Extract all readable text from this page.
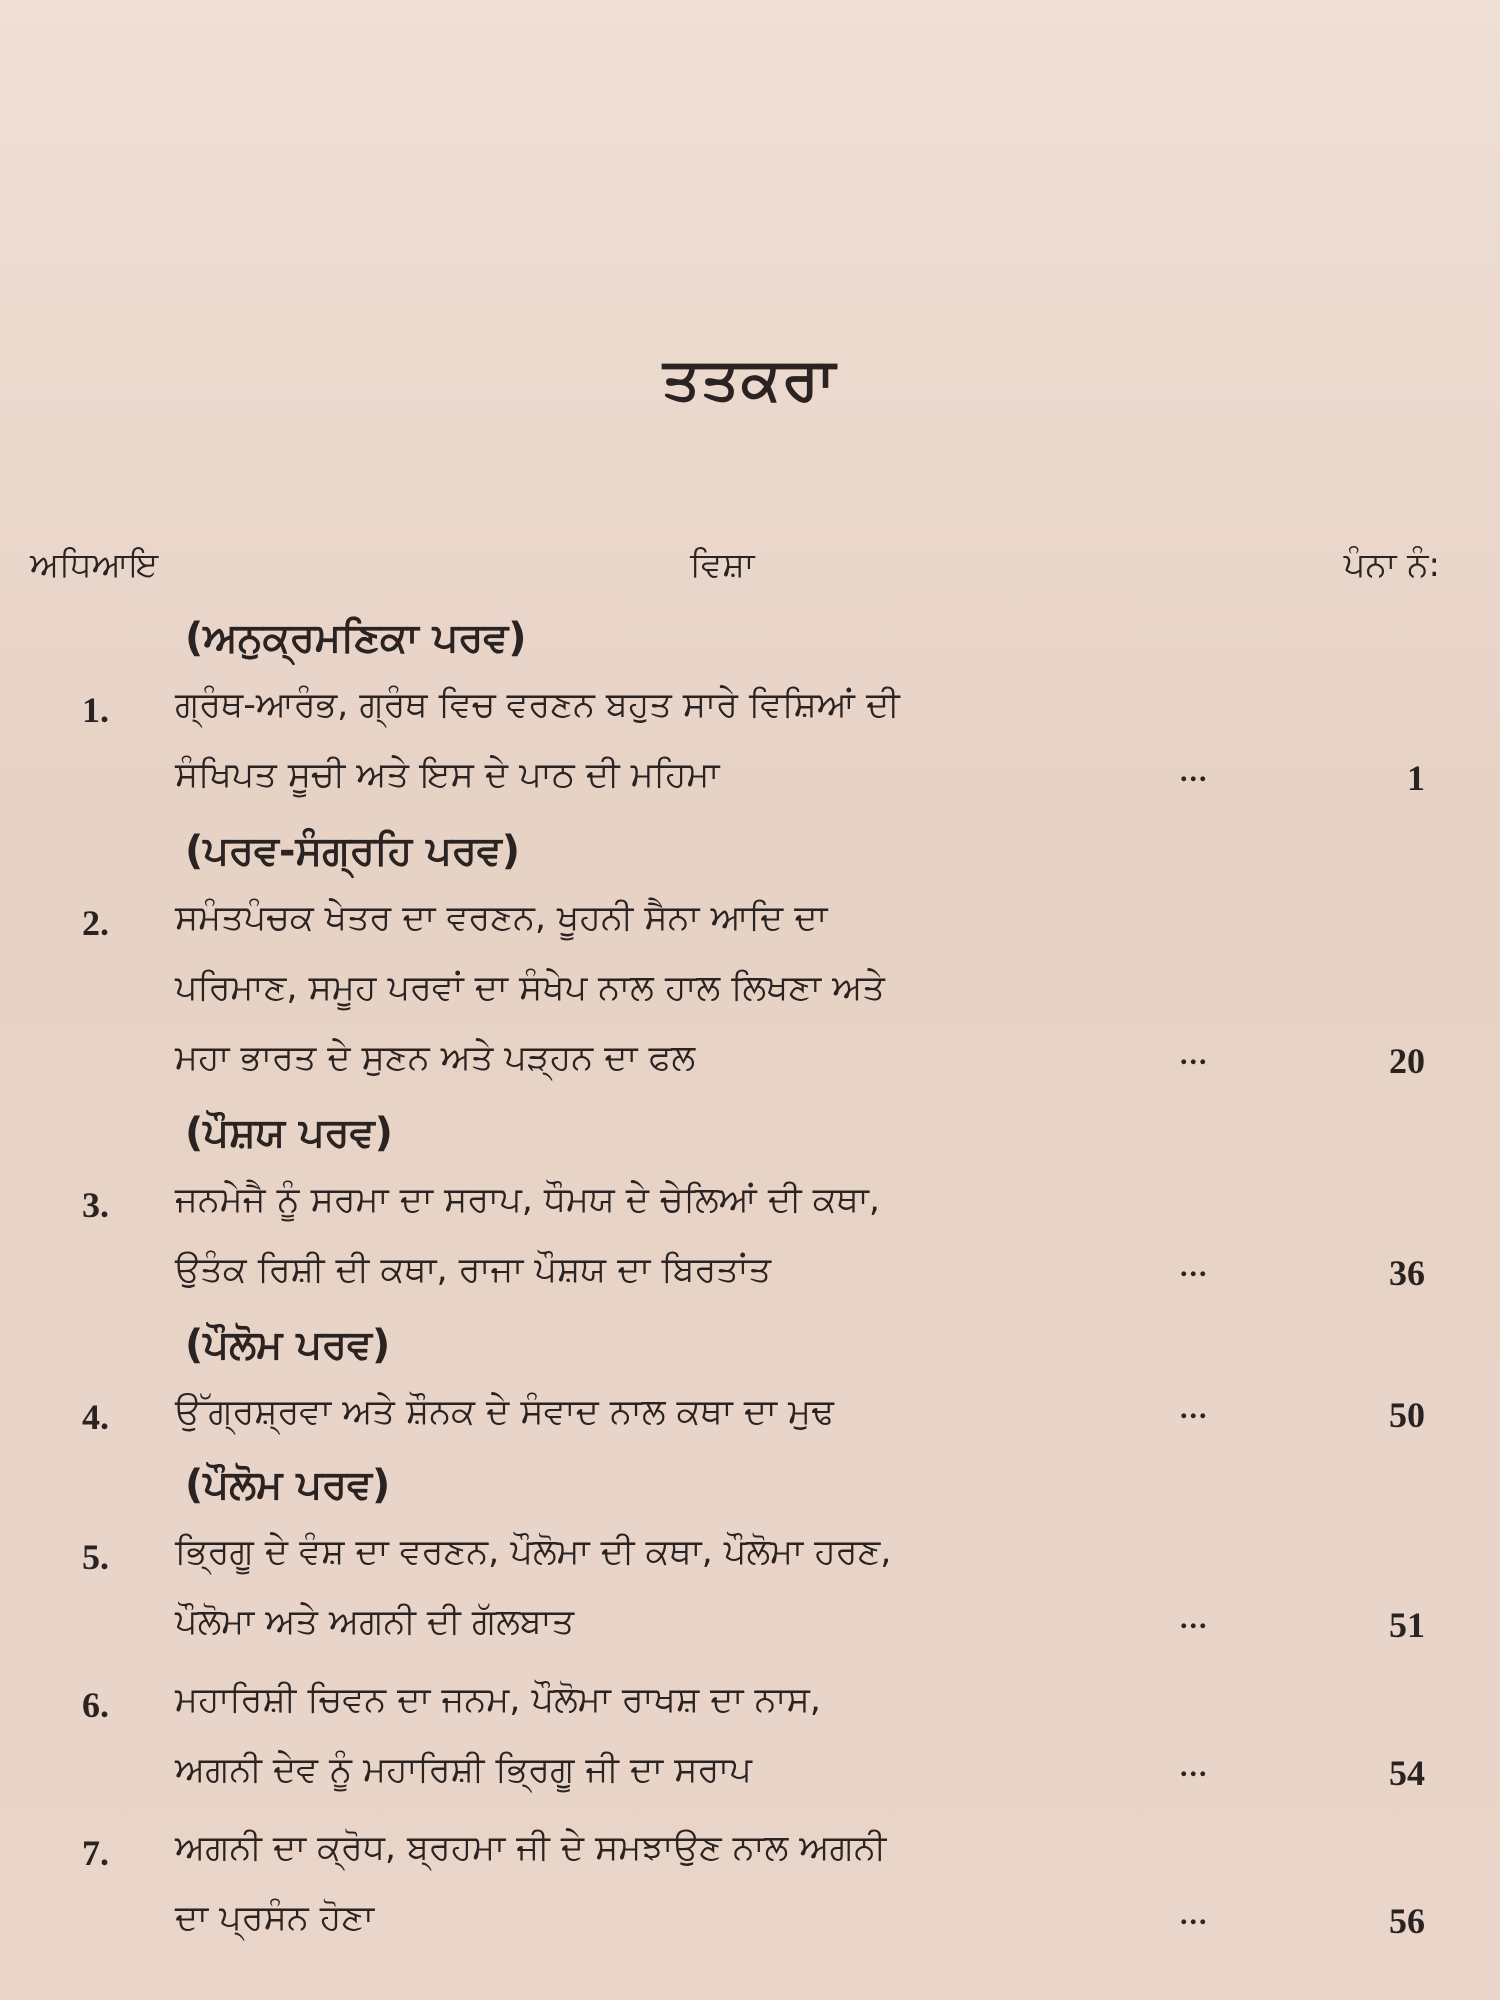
ਤਤਕਰਾ
ਅਧਿਆਇ	ਵਿਸ਼ਾ	ਪੰਨਾ ਨੰ:
(ਅਨੁਕ੍ਰਮਣਿਕਾ ਪਰਵ)
1. ਗ੍ਰੰਥ-ਆਰੰਭ, ਗ੍ਰੰਥ ਵਿਚ ਵਰਣਨ ਬਹੁਤ ਸਾਰੇ ਵਿਸ਼ਿਆਂ ਦੀ
ਸੰਖਿਪਤ ਸੂਚੀ ਅਤੇ ਇਸ ਦੇ ਪਾਠ ਦੀ ਮਹਿਮਾ	...	1
(ਪਰਵ-ਸੰਗ੍ਰਹਿ ਪਰਵ)
2. ਸਮੰਤਪੰਚਕ ਖੇਤਰ ਦਾ ਵਰਣਨ, ਖੂਹਨੀ ਸੈਨਾ ਆਦਿ ਦਾ
ਪਰਿਮਾਣ, ਸਮੂਹ ਪਰਵਾਂ ਦਾ ਸੰਖੇਪ ਨਾਲ ਹਾਲ ਲਿਖਣਾ ਅਤੇ
ਮਹਾ ਭਾਰਤ ਦੇ ਸੁਣਨ ਅਤੇ ਪੜ੍ਹਨ ਦਾ ਫਲ	...	20
(ਪੌਸ਼ਯ ਪਰਵ)
3. ਜਨਮੇਜੈ ਨੂੰ ਸਰਮਾ ਦਾ ਸਰਾਪ, ਧੌਮਯ ਦੇ ਚੇਲਿਆਂ ਦੀ ਕਥਾ,
ਉਤੰਕ ਰਿਸ਼ੀ ਦੀ ਕਥਾ, ਰਾਜਾ ਪੌਸ਼ਯ ਦਾ ਬਿਰਤਾਂਤ	...	36
(ਪੌਲੋਮ ਪਰਵ)
4. ਉੱਗ੍ਰਸ਼੍ਰਵਾ ਅਤੇ ਸ਼ੌਨਕ ਦੇ ਸੰਵਾਦ ਨਾਲ ਕਥਾ ਦਾ ਮੁਢ	...	50
(ਪੌਲੋਮ ਪਰਵ)
5. ਭ੍ਰਿਗੂ ਦੇ ਵੰਸ਼ ਦਾ ਵਰਣਨ, ਪੌਲੋਮਾ ਦੀ ਕਥਾ, ਪੌਲੋਮਾ ਹਰਣ,
ਪੌਲੋਮਾ ਅਤੇ ਅਗਨੀ ਦੀ ਗੱਲਬਾਤ	...	51
6. ਮਹਾਰਿਸ਼ੀ ਚਿਵਨ ਦਾ ਜਨਮ, ਪੌਲੋਮਾ ਰਾਖਸ਼ ਦਾ ਨਾਸ,
ਅਗਨੀ ਦੇਵ ਨੂੰ ਮਹਾਰਿਸ਼ੀ ਭ੍ਰਿਗੂ ਜੀ ਦਾ ਸਰਾਪ	...	54
7. ਅਗਨੀ ਦਾ ਕ੍ਰੋਧ, ਬ੍ਰਹਮਾ ਜੀ ਦੇ ਸਮਝਾਉਣ ਨਾਲ ਅਗਨੀ
ਦਾ ਪ੍ਰਸੰਨ ਹੋਣਾ	...	56
